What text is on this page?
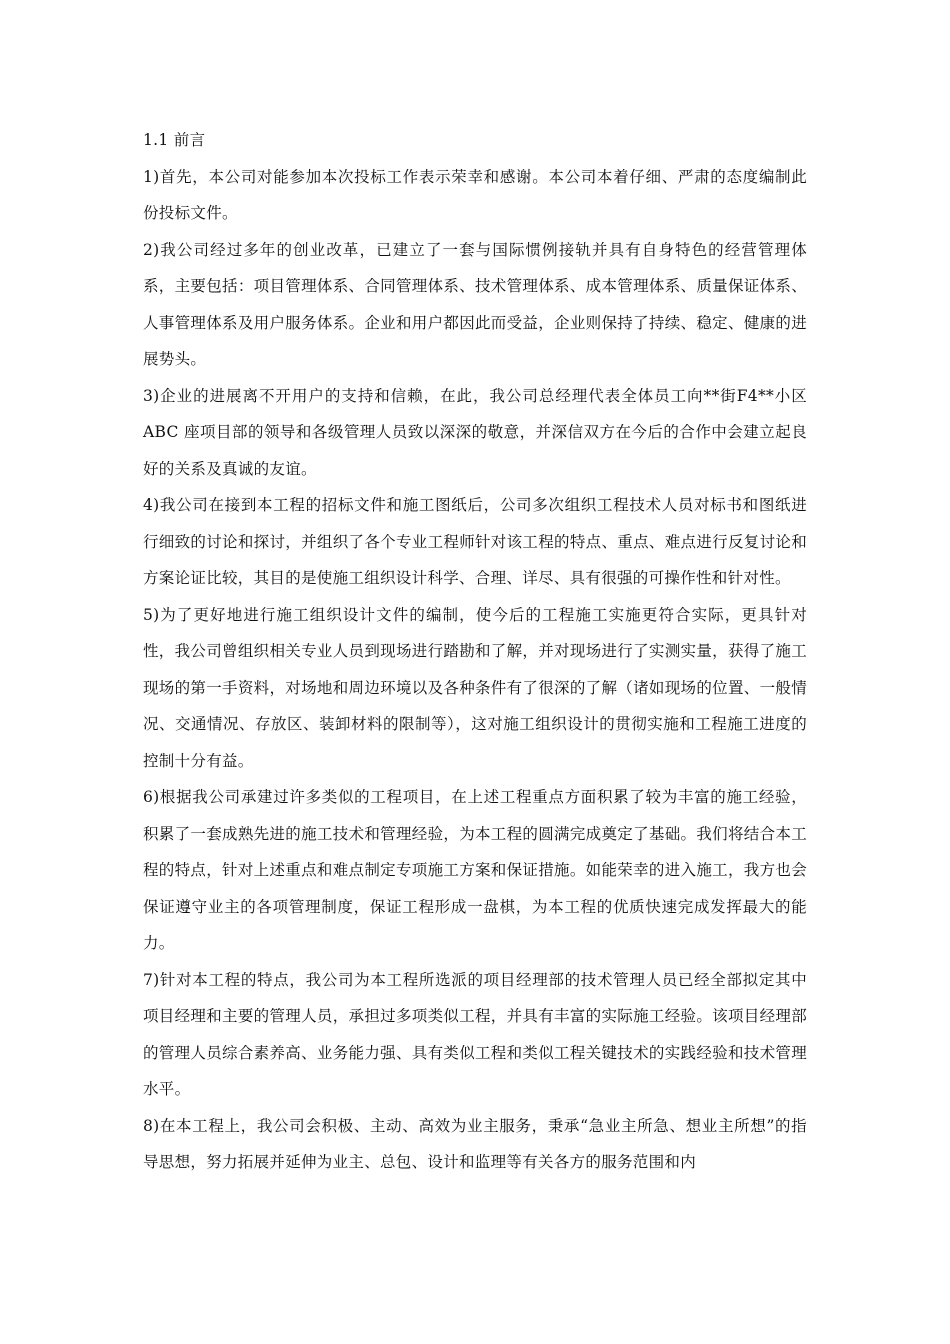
1.1 前言

1)首先，本公司对能参加本次投标工作表示荣幸和感谢。本公司本着仔细、严肃的态度编制此份投标文件。

2)我公司经过多年的创业改革，已建立了一套与国际惯例接轨并具有自身特色的经营管理体系，主要包括：项目管理体系、合同管理体系、技术管理体系、成本管理体系、质量保证体系、人事管理体系及用户服务体系。企业和用户都因此而受益，企业则保持了持续、稳定、健康的进展势头。

3)企业的进展离不开用户的支持和信赖，在此，我公司总经理代表全体员工向**街F4**小区ABC 座项目部的领导和各级管理人员致以深深的敬意，并深信双方在今后的合作中会建立起良好的关系及真诚的友谊。

4)我公司在接到本工程的招标文件和施工图纸后，公司多次组织工程技术人员对标书和图纸进行细致的讨论和探讨，并组织了各个专业工程师针对该工程的特点、重点、难点进行反复讨论和方案论证比较，其目的是使施工组织设计科学、合理、详尽、具有很强的可操作性和针对性。

5)为了更好地进行施工组织设计文件的编制，使今后的工程施工实施更符合实际，更具针对性，我公司曾组织相关专业人员到现场进行踏勘和了解，并对现场进行了实测实量，获得了施工现场的第一手资料，对场地和周边环境以及各种条件有了很深的了解（诸如现场的位置、一般情况、交通情况、存放区、装卸材料的限制等），这对施工组织设计的贯彻实施和工程施工进度的控制十分有益。

6)根据我公司承建过许多类似的工程项目，在上述工程重点方面积累了较为丰富的施工经验，积累了一套成熟先进的施工技术和管理经验，为本工程的圆满完成奠定了基础。我们将结合本工程的特点，针对上述重点和难点制定专项施工方案和保证措施。如能荣幸的进入施工，我方也会保证遵守业主的各项管理制度，保证工程形成一盘棋，为本工程的优质快速完成发挥最大的能力。

7)针对本工程的特点，我公司为本工程所选派的项目经理部的技术管理人员已经全部拟定其中项目经理和主要的管理人员，承担过多项类似工程，并具有丰富的实际施工经验。该项目经理部的管理人员综合素养高、业务能力强、具有类似工程和类似工程关键技术的实践经验和技术管理水平。

8)在本工程上，我公司会积极、主动、高效为业主服务，秉承“急业主所急、想业主所想”的指导思想，努力拓展并延伸为业主、总包、设计和监理等有关各方的服务范围和内
